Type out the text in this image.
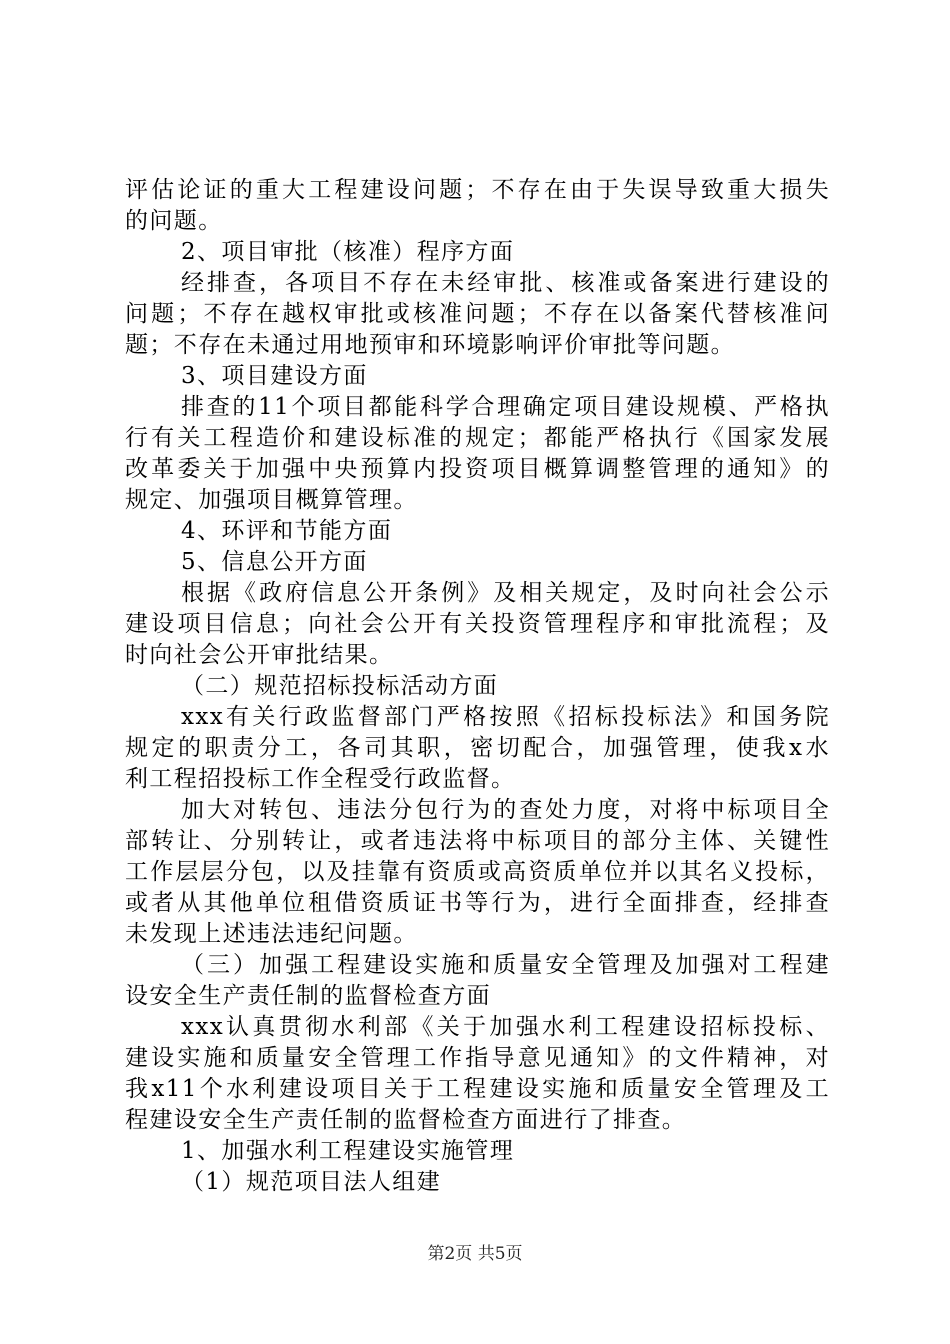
评估论证的重大工程建设问题；不存在由于失误导致重大损失
的问题。
2、项目审批（核准）程序方面
经排查，各项目不存在未经审批、核准或备案进行建设的
问题；不存在越权审批或核准问题；不存在以备案代替核准问
题；不存在未通过用地预审和环境影响评价审批等问题。
3、项目建设方面
排查的11个项目都能科学合理确定项目建设规模、严格执
行有关工程造价和建设标准的规定；都能严格执行《国家发展
改革委关于加强中央预算内投资项目概算调整管理的通知》的
规定、加强项目概算管理。
4、环评和节能方面
5、信息公开方面
根据《政府信息公开条例》及相关规定，及时向社会公示
建设项目信息；向社会公开有关投资管理程序和审批流程；及
时向社会公开审批结果。
（二）规范招标投标活动方面
xxx有关行政监督部门严格按照《招标投标法》和国务院
规定的职责分工，各司其职，密切配合，加强管理，使我x水
利工程招投标工作全程受行政监督。
加大对转包、违法分包行为的查处力度，对将中标项目全
部转让、分别转让，或者违法将中标项目的部分主体、关键性
工作层层分包，以及挂靠有资质或高资质单位并以其名义投标，
或者从其他单位租借资质证书等行为，进行全面排查，经排查
未发现上述违法违纪问题。
（三）加强工程建设实施和质量安全管理及加强对工程建
设安全生产责任制的监督检查方面
xxx认真贯彻水利部《关于加强水利工程建设招标投标、
建设实施和质量安全管理工作指导意见通知》的文件精神，对
我x11个水利建设项目关于工程建设实施和质量安全管理及工
程建设安全生产责任制的监督检查方面进行了排查。
1、加强水利工程建设实施管理
（1）规范项目法人组建
第2页 共5页
